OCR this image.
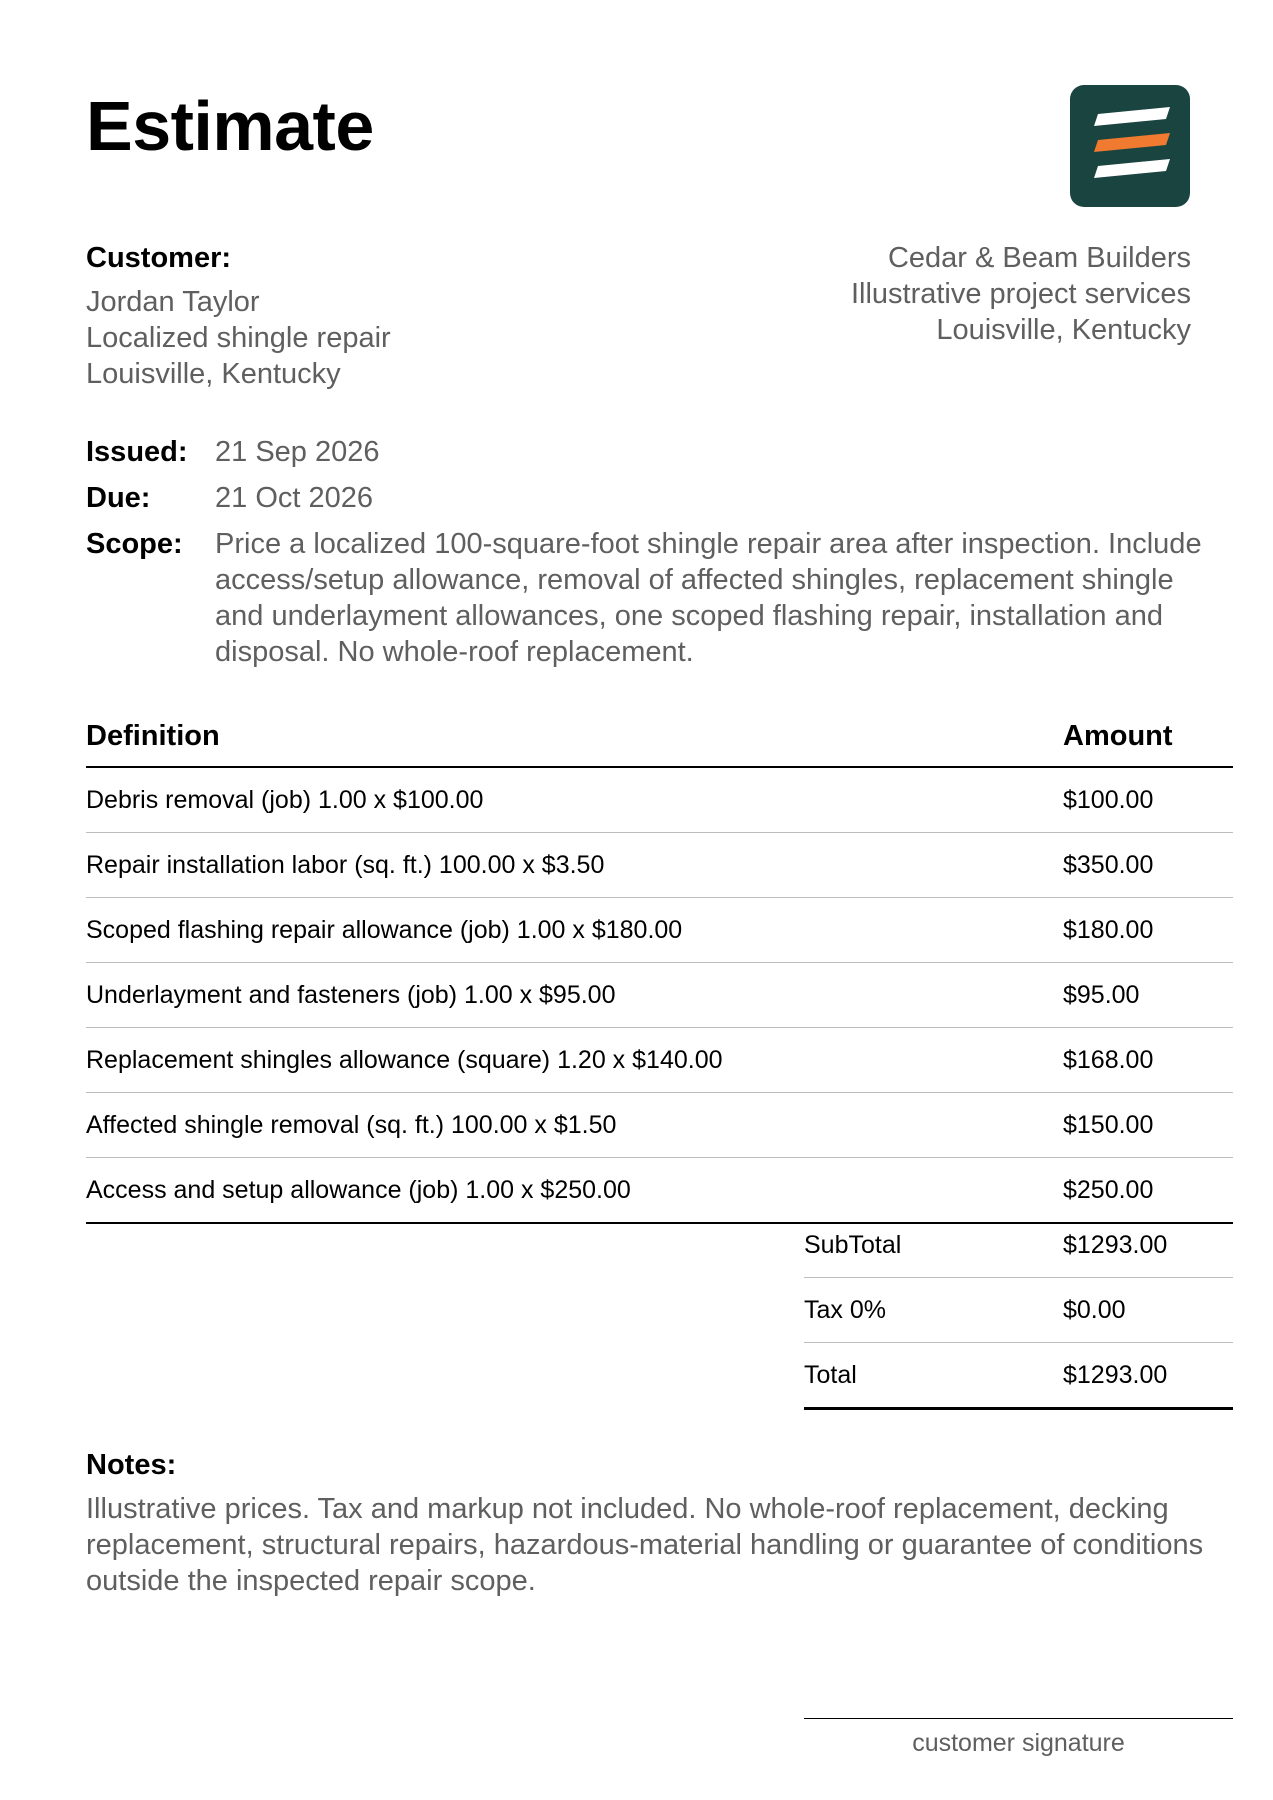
Estimate
Customer:
Jordan Taylor
Localized shingle repair
Louisville, Kentucky
Cedar & Beam Builders
Illustrative project services
Louisville, Kentucky
Issued: 21 Sep 2026
Due:	21 Oct 2026
Scope:	Price a localized 100-square-foot shingle repair area after inspection. Include access/setup allowance, removal of affected shingles, replacement shingle and underlayment allowances, one scoped flashing repair, installation and disposal. No whole-roof replacement.
Definition	Amount
Debris removal (job) 1.00 x $100.00	$100.00
Repair installation labor (sq. ft.) 100.00 x $3.50	$350.00
Scoped flashing repair allowance (job) 1.00 x $180.00	$180.00
Underlayment and fasteners (job) 1.00 x $95.00	$95.00
Replacement shingles allowance (square) 1.20 x $140.00	$168.00
Affected shingle removal (sq. ft.) 100.00 x $1.50	$150.00
Access and setup allowance (job) 1.00 x $250.00	$250.00
SubTotal	$1293.00
Tax 0%	$0.00
Total	$1293.00
Notes:
Illustrative prices. Tax and markup not included. No whole-roof replacement, decking replacement, structural repairs, hazardous-material handling or guarantee of conditions outside the inspected repair scope.
customer signature
